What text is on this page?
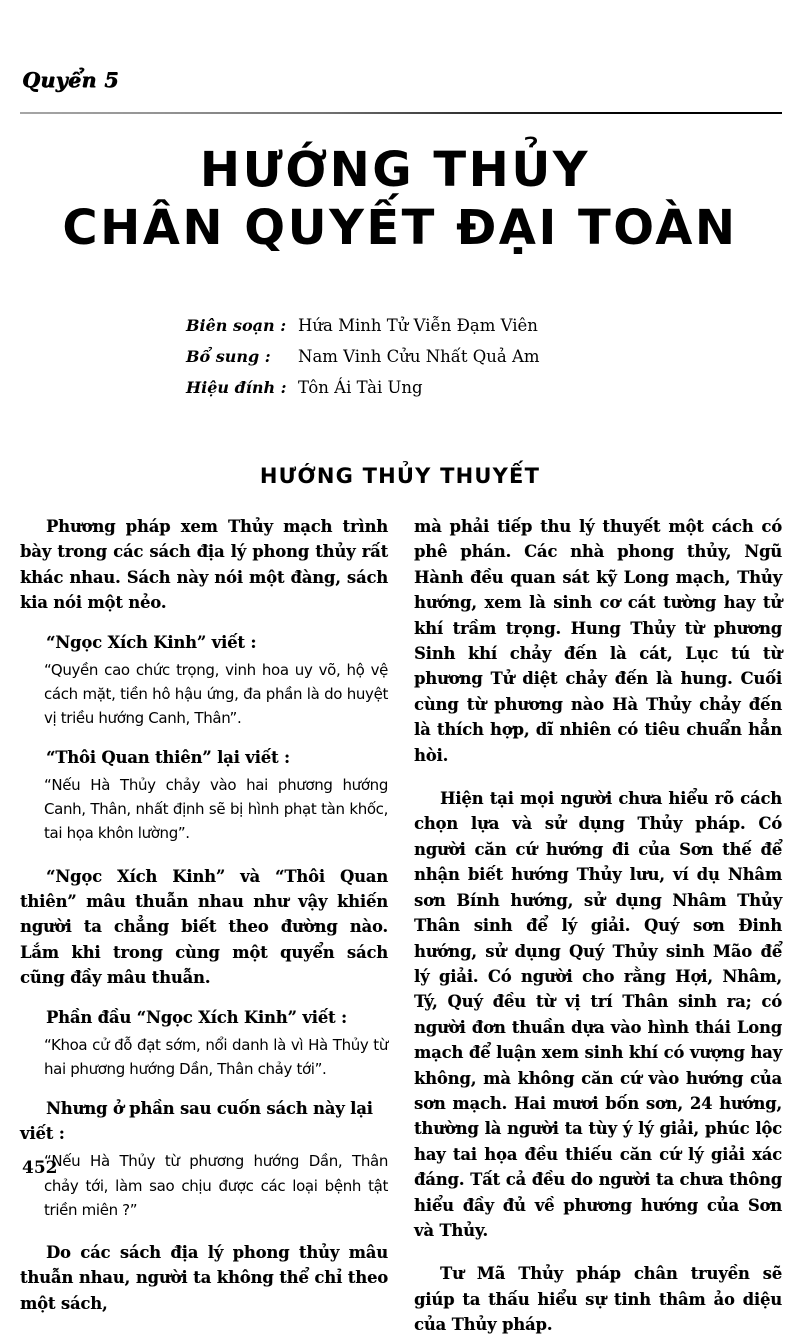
Quyển 5
HƯỚNG THỦY
CHÂN QUYẾT ĐẠI TOÀN
Biên soạn : Hứa Minh Tử Viễn Đạm Viên
Bổ sung :	Nam Vinh Cửu Nhất Quả Am
Hiệu đính : Tôn Ái Tài Ung
HƯỚNG THỦY THUYẾT

Phương pháp xem Thủy mạch trình bày trong các sách địa lý phong thủy rất khác nhau. Sách này nói một đàng, sách kia nói một nẻo.

“Ngọc Xích Kinh” viết :

“Quyền cao chức trọng, vinh hoa uy võ, hộ vệ cách mặt, tiền hô hậu ứng, đa phần là do huyệt vị triều hướng Canh, Thân”.

“Thôi Quan thiên” lại viết :

“Nếu Hà Thủy chảy vào hai phương hướng Canh, Thân, nhất định sẽ bị hình phạt tàn khốc, tai họa khôn lường”.

“Ngọc Xích Kinh” và “Thôi Quan thiên” mâu thuẫn nhau như vậy khiến người ta chẳng biết theo đường nào. Lắm khi trong cùng một quyển sách cũng đầy mâu thuẫn.

Phần đầu “Ngọc Xích Kinh” viết :

“Khoa cử đỗ đạt sớm, nổi danh là vì Hà Thủy từ hai phương hướng Dần, Thân chảy tới”.

Nhưng ở phần sau cuốn sách này lại viết :

“Nếu Hà Thủy từ phương hướng Dần, Thân chảy tới, làm sao chịu được các loại bệnh tật triền miên ?”

Do các sách địa lý phong thủy mâu thuẫn nhau, người ta không thể chỉ theo một sách,

mà phải tiếp thu lý thuyết một cách có phê phán. Các nhà phong thủy, Ngũ Hành đều quan sát kỹ Long mạch, Thủy hướng, xem là sinh cơ cát tường hay tử khí trầm trọng. Hung Thủy từ phương Sinh khí chảy đến là cát, Lục tú từ phương Tử diệt chảy đến là hung. Cuối cùng từ phương nào Hà Thủy chảy đến là thích hợp, dĩ nhiên có tiêu chuẩn hẳn hòi.

Hiện tại mọi người chưa hiểu rõ cách chọn lựa và sử dụng Thủy pháp. Có người căn cứ hướng đi của Sơn thế để nhận biết hướng Thủy lưu, ví dụ Nhâm sơn Bính hướng, sử dụng Nhâm Thủy Thân sinh để lý giải. Quý sơn Đinh hướng, sử dụng Quý Thủy sinh Mão để lý giải. Có người cho rằng Hợi, Nhâm, Tý, Quý đều từ vị trí Thân sinh ra; có người đơn thuần dựa vào hình thái Long mạch để luận xem sinh khí có vượng hay không, mà không căn cứ vào hướng của sơn mạch. Hai mươi bốn sơn, 24 hướng, thường là người ta tùy ý lý giải, phúc lộc hay tai họa đều thiếu căn cứ lý giải xác đáng. Tất cả đều do người ta chưa thông hiểu đầy đủ về phương hướng của Sơn và Thủy.

Tư Mã Thủy pháp chân truyền sẽ giúp ta thấu hiểu sự tinh thâm ảo diệu của Thủy pháp.

452
